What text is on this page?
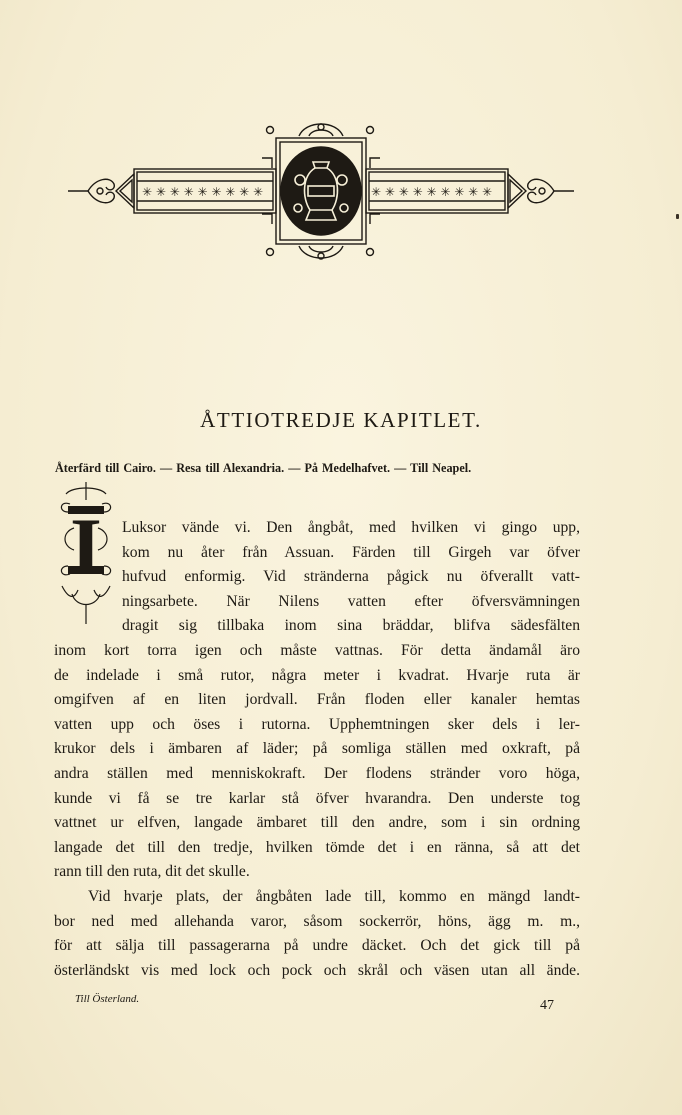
✳ ✳ ✳ ✳ ✳ ✳ ✳ ✳ ✳	✳ ✳ ✳ ✳ ✳ ✳ ✳ ✳ ✳
ÅTTIOTREDJE KAPITLET.
Återfärd till Cairo. — Resa till Alexandria. — På Medelhafvet. — Till Neapel.
I	Luksor vände vi. Den ångbåt, med hvilken vi gingo upp,
kom nu åter från Assuan. Färden till Girgeh var öfver
hufvud enformig. Vid stränderna pågick nu öfverallt vatt-
ningsarbete. När Nilens vatten efter öfversvämningen
dragit sig tillbaka inom sina bräddar, blifva sädesfälten
inom kort torra igen och måste vattnas. För detta ändamål äro
de indelade i små rutor, några meter i kvadrat. Hvarje ruta är
omgifven af en liten jordvall. Från floden eller kanaler hemtas
vatten upp och öses i rutorna. Upphemtningen sker dels i ler-
krukor dels i ämbaren af läder; på somliga ställen med oxkraft, på
andra ställen med menniskokraft. Der flodens stränder voro höga,
kunde vi få se tre karlar stå öfver hvarandra. Den underste tog
vattnet ur elfven, langade ämbaret till den andre, som i sin ordning
langade det till den tredje, hvilken tömde det i en ränna, så att det
rann till den ruta, dit det skulle.
Vid hvarje plats, der ångbåten lade till, kommo en mängd landt-
bor ned med allehanda varor, såsom sockerrör, höns, ägg m. m.,
för att sälja till passagerarna på undre däcket. Och det gick till på
österländskt vis med lock och pock och skrål och väsen utan all ände.
Till Österland.	47
